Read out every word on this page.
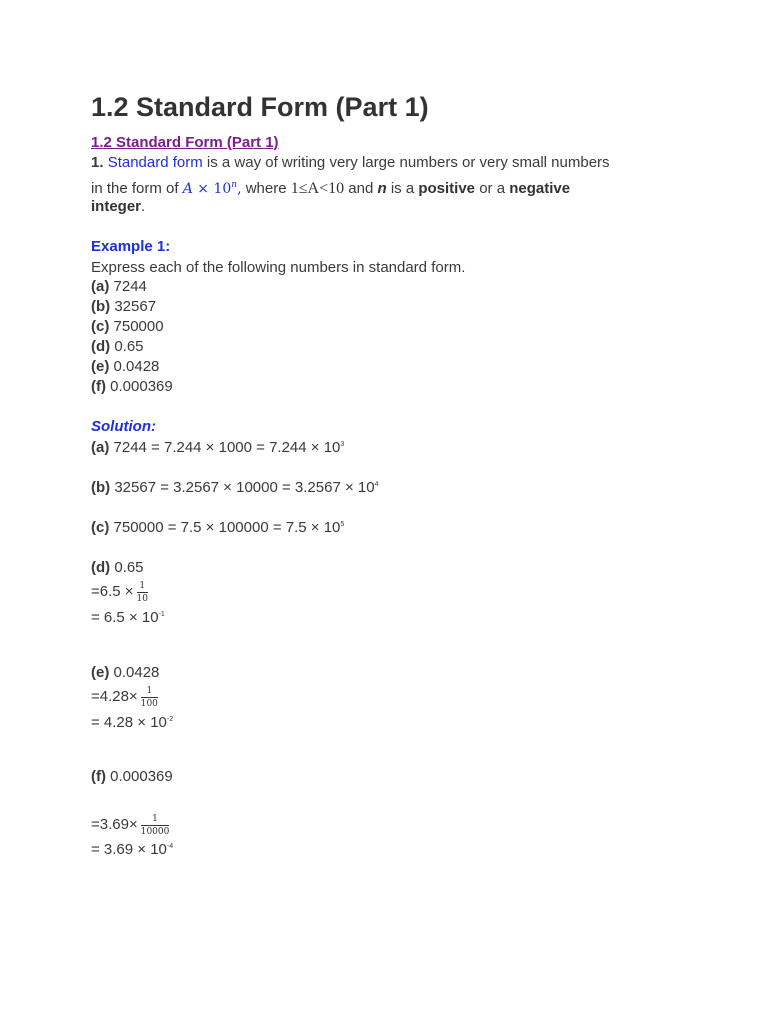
1.2 Standard Form (Part 1)
1.2 Standard Form (Part 1)
1. Standard form is a way of writing very large numbers or very small numbers
in the form of $A \times 10^n$, where 1≤A<10 and n is a positive or a negative
integer.
Example 1:
Express each of the following numbers in standard form.
(a) 7244
(b) 32567
(c) 750000
(d) 0.65
(e) 0.0428
(f) 0.000369
Solution:
(a) $7244 = 7.244 \times 1000 = 7.244 \times 10^3$
(b) $32567 = 3.2567 \times 10000 = 3.2567 \times 10^4$
(c) $750000 = 7.5 \times 100000 = 7.5 \times 10^5$
(d) 0.65
$=6.5 \times \frac{1}{10}$
= $6.5 \times 10^{-1}$
(e) 0.0428
$=4.28\times \frac{1}{100}$
= $4.28 \times 10^{-2}$
(f) 0.000369
$=3.69\times \frac{1}{10000}$
= $3.69 \times 10^{-4}$
